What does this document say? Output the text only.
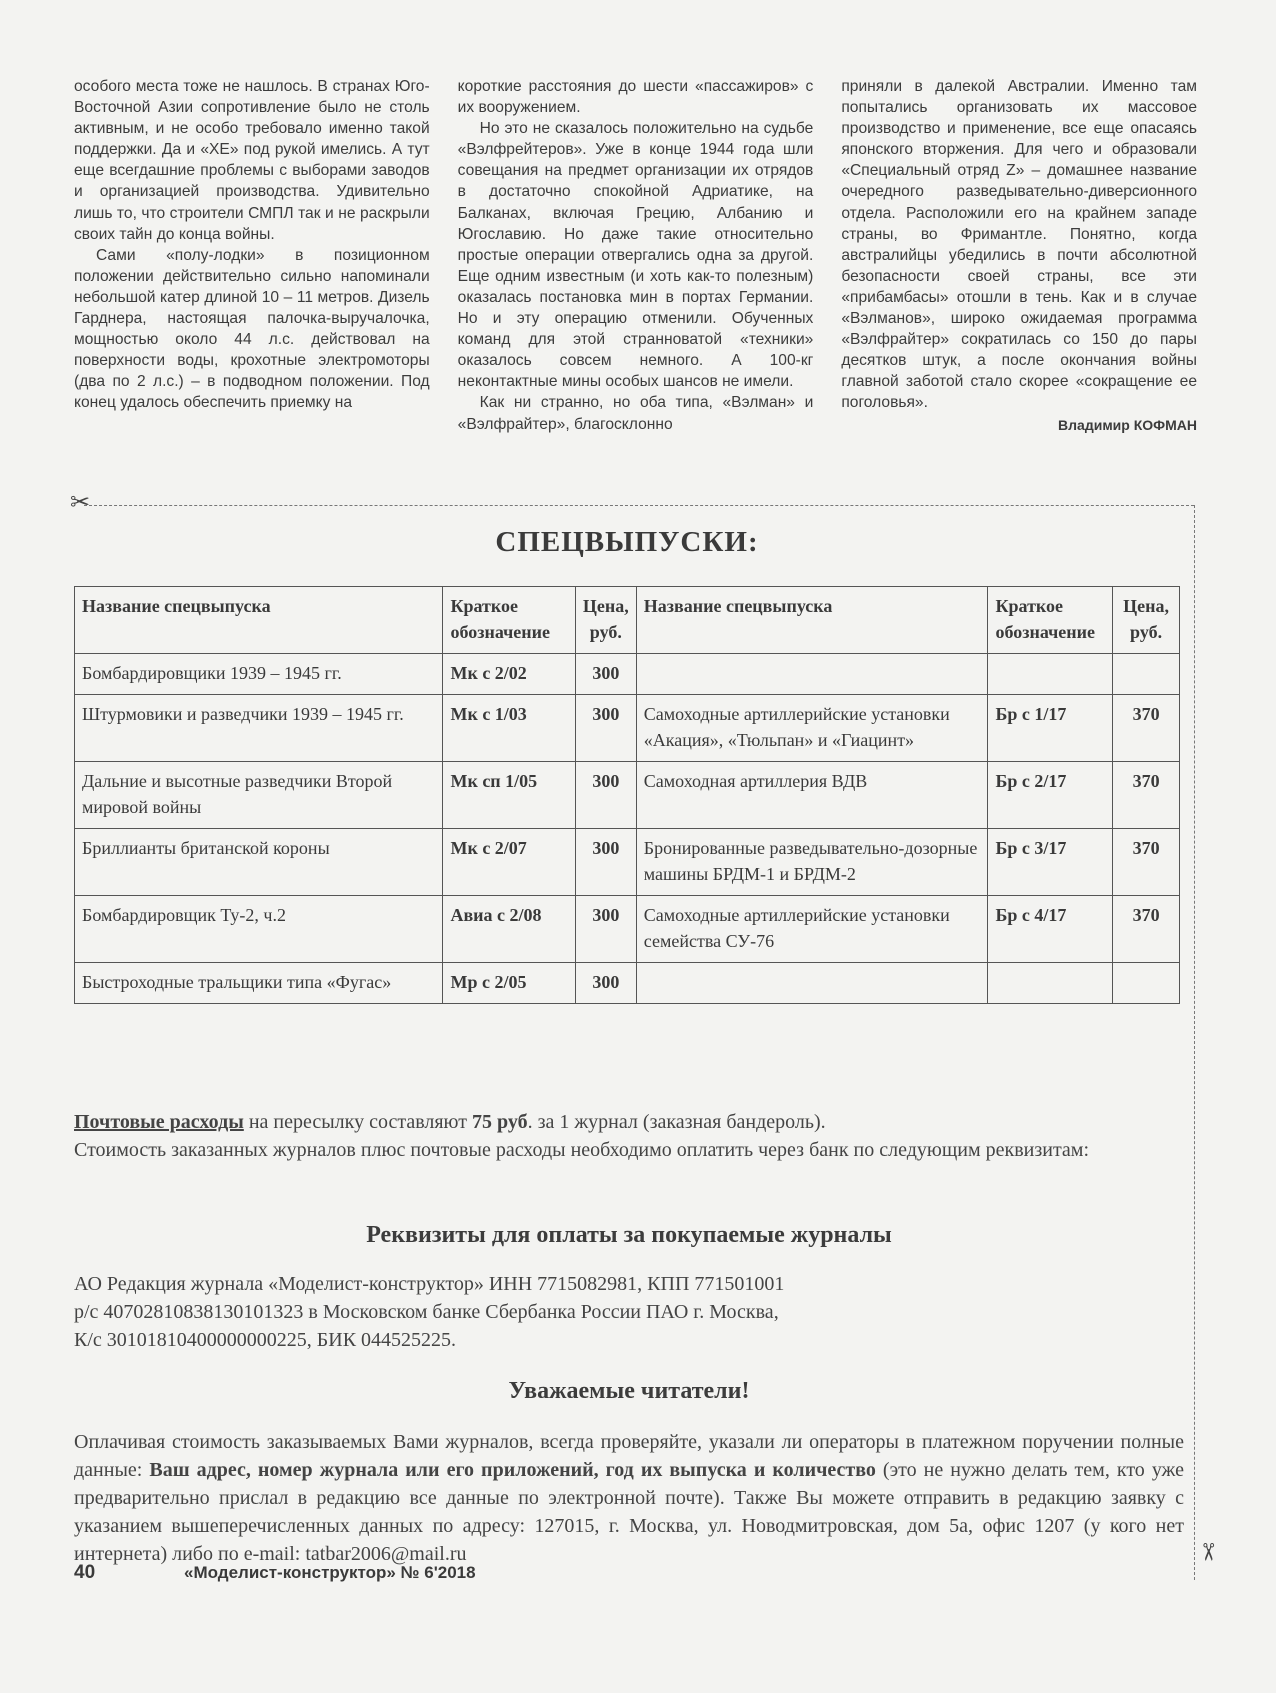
особого места тоже не нашлось. В странах Юго-Восточной Азии сопротивление было не столь активным, и не особо требовало именно такой поддержки. Да и «ХЕ» под рукой имелись. А тут еще всегдашние проблемы с выборами заводов и организацией производства. Удивительно лишь то, что строители СМПЛ так и не раскрыли своих тайн до конца войны.

Сами «полу-лодки» в позиционном положении действительно сильно напоминали небольшой катер длиной 10 – 11 метров. Дизель Гарднера, настоящая палочка-выручалочка, мощностью около 44 л.с. действовал на поверхности воды, крохотные электромоторы (два по 2 л.с.) – в подводном положении. Под конец удалось обеспечить приемку на

короткие расстояния до шести «пассажиров» с их вооружением.

Но это не сказалось положительно на судьбе «Вэлфрейтеров». Уже в конце 1944 года шли совещания на предмет организации их отрядов в достаточно спокойной Адриатике, на Балканах, включая Грецию, Албанию и Югославию. Но даже такие относительно простые операции отвергались одна за другой. Еще одним известным (и хоть как-то полезным) оказалась постановка мин в портах Германии. Но и эту операцию отменили. Обученных команд для этой странноватой «техники» оказалось совсем немного. А 100-кг неконтактные мины особых шансов не имели.

Как ни странно, но оба типа, «Вэлман» и «Вэлфрайтер», благосклонно

приняли в далекой Австралии. Именно там попытались организовать их массовое производство и применение, все еще опасаясь японского вторжения. Для чего и образовали «Специальный отряд Z» – домашнее название очередного разведывательно-диверсионного отдела. Расположили его на крайнем западе страны, во Фримантле. Понятно, когда австралийцы убедились в почти абсолютной безопасности своей страны, все эти «прибамбасы» отошли в тень. Как и в случае «Вэлманов», широко ожидаемая программа «Вэлфрайтер» сократилась со 150 до пары десятков штук, а после окончания войны главной заботой стало скорее «сокращение ее поголовья».

Владимир КОФМАН
✂
СПЕЦВЫПУСКИ:
Название спецвыпуска	Краткое обозначение	Цена, руб.	Название спецвыпуска	Краткое обозначение	Цена, руб.
Бомбардировщики 1939 – 1945 гг.	Мк с 2/02	300			
Штурмовики и разведчики 1939 – 1945 гг.	Мк с 1/03	300	Самоходные артиллерийские установки «Акация», «Тюльпан» и «Гиацинт»	Бр с 1/17	370
Дальние и высотные разведчики Второй мировой войны	Мк сп 1/05	300	Самоходная артиллерия ВДВ	Бр с 2/17	370
Бриллианты британской короны	Мк с 2/07	300	Бронированные разведывательно-дозорные машины БРДМ-1 и БРДМ-2	Бр с 3/17	370
Бомбардировщик Ту-2, ч.2	Авиа с 2/08	300	Самоходные артиллерийские установки семейства СУ-76	Бр с 4/17	370
Быстроходные тральщики типа «Фугас»	Мр с 2/05	300			
Почтовые расходы на пересылку составляют 75 руб. за 1 журнал (заказная бандероль).
Стоимость заказанных журналов плюс почтовые расходы необходимо оплатить через банк по следующим реквизитам:
Реквизиты для оплаты за покупаемые журналы
АО Редакция журнала «Моделист-конструктор» ИНН 7715082981, КПП 771501001
р/с 40702810838130101323 в Московском банке Сбербанка России ПАО г. Москва,
К/с 30101810400000000225, БИК 044525225.
Уважаемые читатели!
Оплачивая стоимость заказываемых Вами журналов, всегда проверяйте, указали ли операторы в платежном поручении полные данные: Ваш адрес, номер журнала или его приложений, год их выпуска и количество (это не нужно делать тем, кто уже предварительно прислал в редакцию все данные по электронной почте). Также Вы можете отправить в редакцию заявку с указанием вышеперечисленных данных по адресу: 127015, г. Москва, ул. Новодмитровская, дом 5а, офис 1207 (у кого нет интернета) либо по e-mail: tatbar2006@mail.ru	✂
40	«Моделист-конструктор» № 6'2018
